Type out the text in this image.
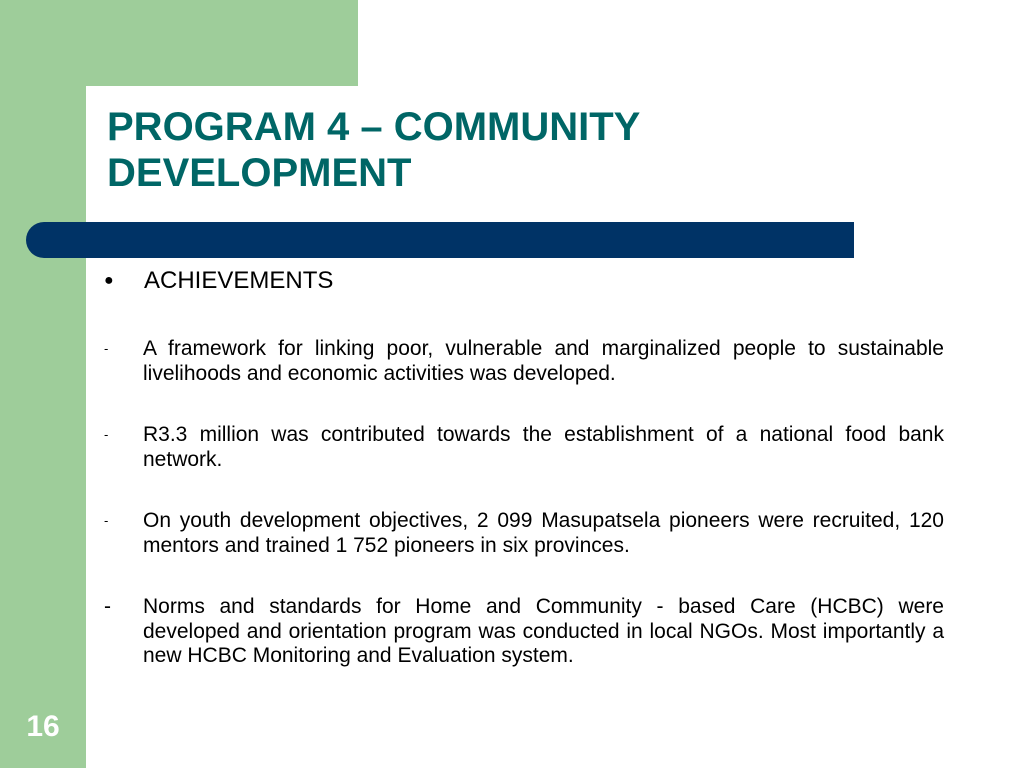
PROGRAM 4 – COMMUNITY
DEVELOPMENT
● ACHIEVEMENTS
- A framework for linking poor, vulnerable and marginalized people to sustainable livelihoods and economic activities was developed.
- R3.3 million was contributed towards the establishment of a national food bank network.
- On youth development objectives, 2 099 Masupatsela pioneers were recruited, 120 mentors and trained 1 752 pioneers in six provinces.
- Norms and standards for Home and Community - based Care (HCBC) were developed and orientation program was conducted in local NGOs. Most importantly a new HCBC Monitoring and Evaluation system.
16
